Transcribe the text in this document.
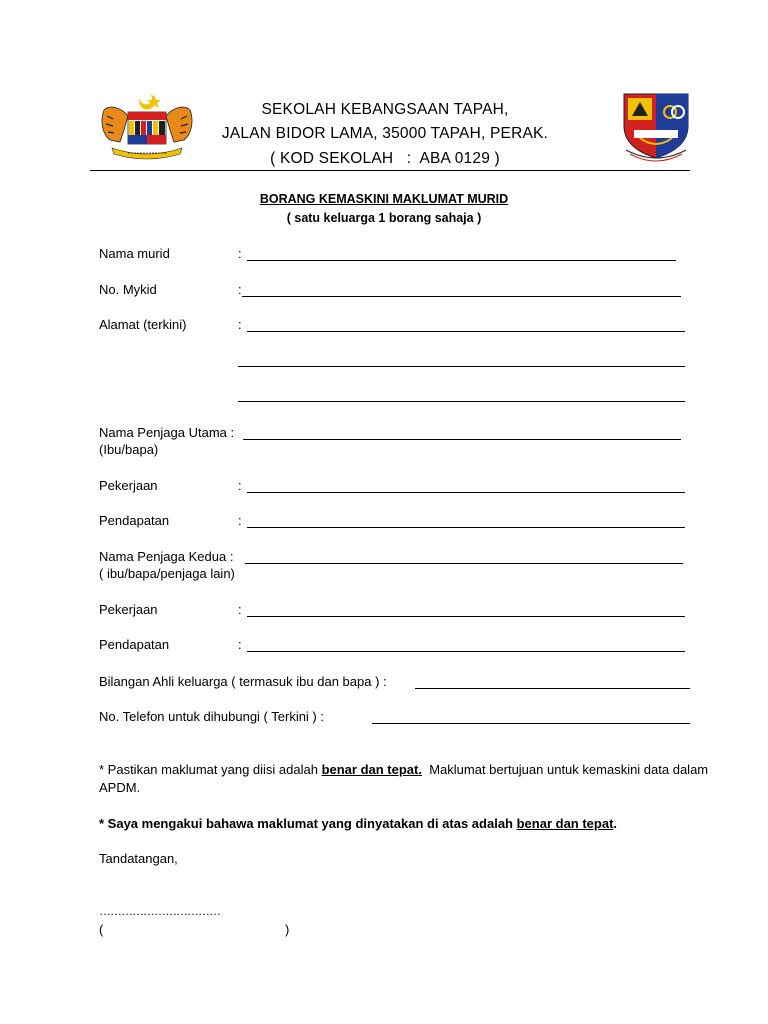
SEKOLAH KEBANGSAAN TAPAH,
JALAN BIDOR LAMA, 35000 TAPAH, PERAK.
( KOD SEKOLAH   :  ABA 0129 )
BORANG KEMASKINI MAKLUMAT MURID
( satu keluarga 1 borang sahaja )
Nama murid	:
No. Mykid	:
Alamat (terkini)	:
Nama Penjaga Utama :
(Ibu/bapa)
Pekerjaan	:
Pendapatan	:
Nama Penjaga Kedua :
( ibu/bapa/penjaga lain)
Pekerjaan	:
Pendapatan	:
Bilangan Ahli keluarga ( termasuk ibu dan bapa ) :
No. Telefon untuk dihubungi ( Terkini ) :
* Pastikan maklumat yang diisi adalah benar dan tepat.  Maklumat bertujuan untuk kemaskini data dalam APDM.
* Saya mengakui bahawa maklumat yang dinyatakan di atas adalah benar dan tepat.
Tandatangan,
……………………………
(	)
